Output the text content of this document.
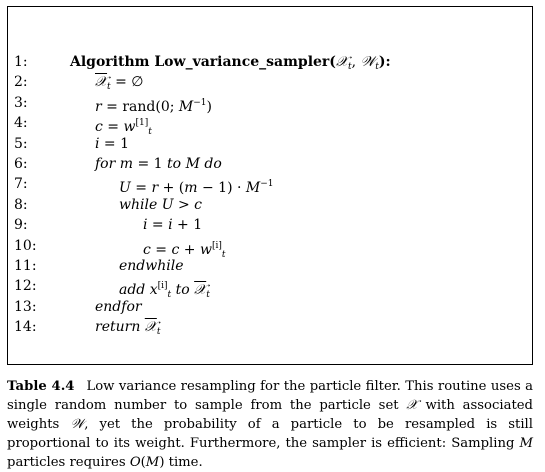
1:	Algorithm Low_variance_sampler(𝒳$_t$, 𝒲$_t$):
2:	𝒳$_t$ = ∅
3:	r = rand(0; $M^{-1}$)
4:	$c = w[1]_t$
5:	i = 1
6:	for m = 1 to M do
7:	$U = r + (m - 1) \cdot M^{-1}$
8:	while U > c
9:	i = i + 1
10:	$c = c + w[i]_t$
11:	endwhile
12:	add $x[i]_t$ to 𝒳$_t$
13:	endfor
14:	return 𝒳$_t$
Table 4.4 Low variance resampling for the particle filter. This routine uses a single random number to sample from the particle set 𝒳 with associated weights 𝒲, yet the probability of a particle to be resampled is still proportional to its weight. Furthermore, the sampler is efficient: Sampling M particles requires O(M) time.
